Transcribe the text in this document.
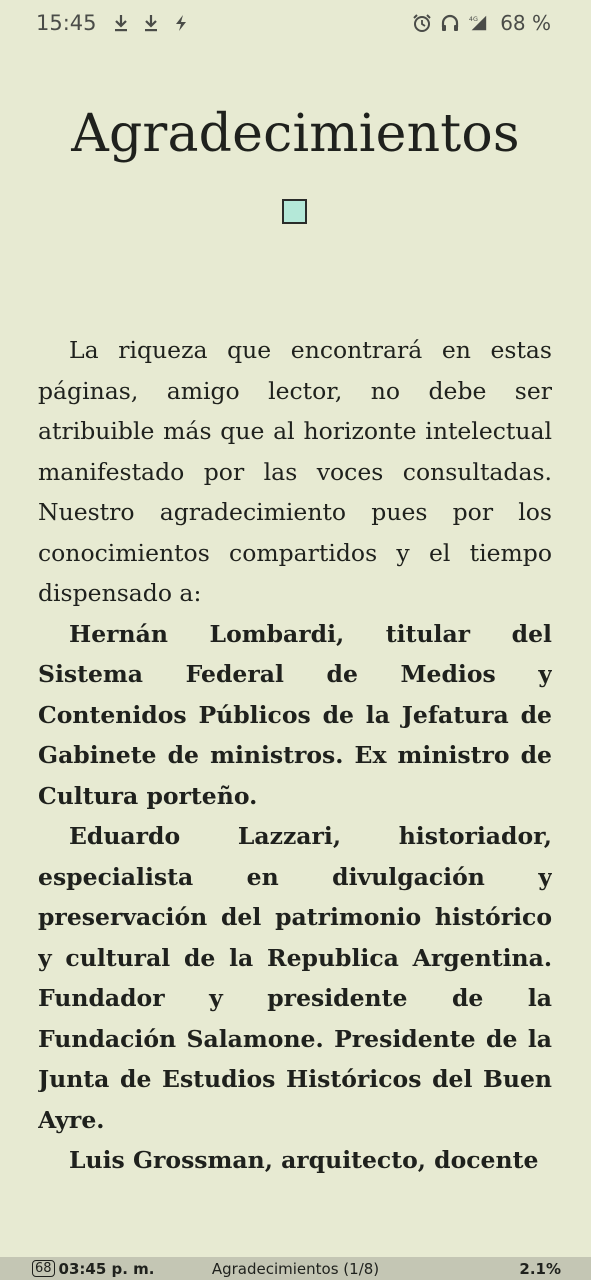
15:45	4G 68 %
Agradecimientos

La riqueza que encontrará en estas páginas, amigo lector, no debe ser atribuible más que al horizonte intelectual manifestado por las voces consultadas. Nuestro agradecimiento pues por los conocimientos compartidos y el tiempo dispensado a:

Hernán Lombardi, titular del Sistema Federal de Medios y Contenidos Públicos de la Jefatura de Gabinete de ministros. Ex ministro de Cultura porteño.

Eduardo Lazzari, historiador, especialista en divulgación y preservación del patrimonio histórico y cultural de la Republica Argentina. Fundador y presidente de la Fundación Salamone. Presidente de la Junta de Estudios Históricos del Buen Ayre.

Luis Grossman, arquitecto, docente

68 03:45 p. m.	Agradecimientos (1/8)	2.1%
